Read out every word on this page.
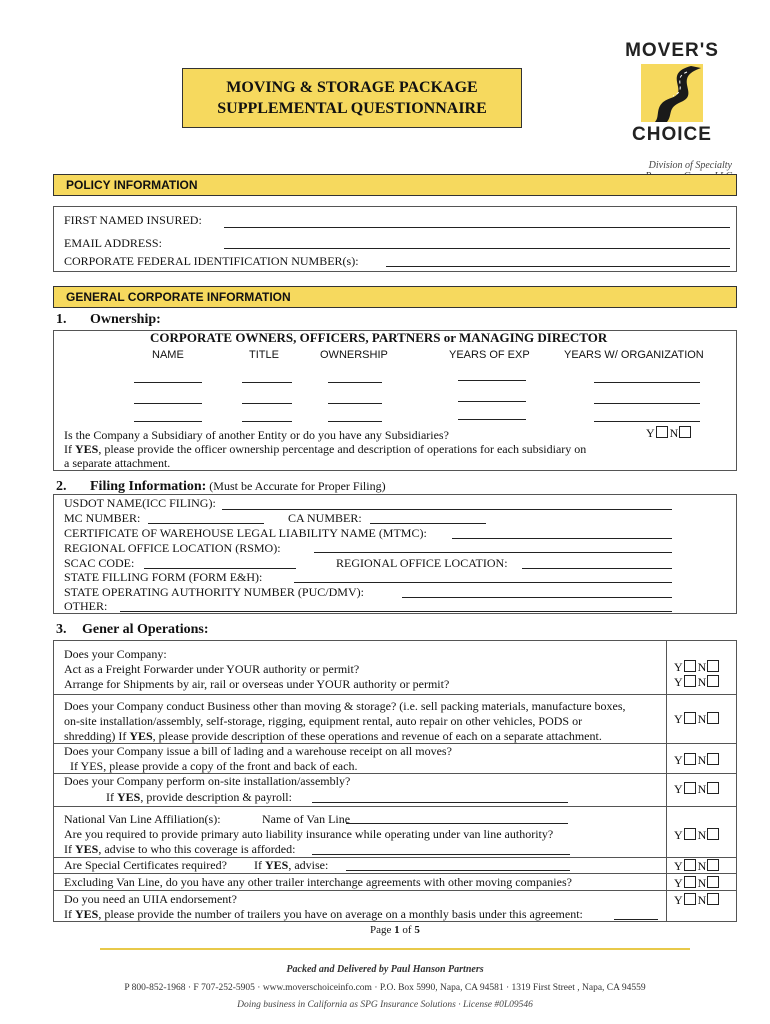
MOVING & STORAGE PACKAGE
SUPPLEMENTAL QUESTIONNAIRE
MOVER'S
CHOICE
Division of Specialty
POLICY INFORMATION
FIRST NAMED INSURED:
EMAIL ADDRESS:
CORPORATE FEDERAL IDENTIFICATION NUMBER(s):
GENERAL CORPORATE INFORMATION
1. Ownership:
CORPORATE OWNERS, OFFICERS, PARTNERS or MANAGING DIRECTOR
NAME	TITLE	OWNERSHIP	YEARS OF EXP	YEARS W/ ORGANIZATION
Is the Company a Subsidiary of another Entity or do you have any Subsidiaries?	Y N
If YES, please provide the officer ownership percentage and description of operations for each subsidiary on
a separate attachment.
2. Filing Information: (Must be Accurate for Proper Filing)
USDOT NAME(ICC FILING):
MC NUMBER:	CA NUMBER:
CERTIFICATE OF WAREHOUSE LEGAL LIABILITY NAME (MTMC):
REGIONAL OFFICE LOCATION (RSMO):
SCAC CODE:	REGIONAL OFFICE LOCATION:
STATE FILLING FORM (FORM E&H):
STATE OPERATING AUTHORITY NUMBER (PUC/DMV):
OTHER:
3. Gener al Operations:
Does your Company:
Act as a Freight Forwarder under YOUR authority or permit?	Y N
Arrange for Shipments by air, rail or overseas under YOUR authority or permit?	Y N
Does your Company conduct Business other than moving & storage? (i.e. sell packing materials, manufacture boxes,
on-site installation/assembly, self-storage, rigging, equipment rental, auto repair on other vehicles, PODS or
shredding) If YES, please provide description of these operations and revenue of each on a separate attachment.
Y N
Does your Company issue a bill of lading and a warehouse receipt on all moves?
If YES, please provide a copy of the front and back of each.	Y N
Does your Company perform on-site installation/assembly?
If YES, provide description & payroll:
Y N
National Van Line Affiliation(s):	Name of Van Line
Are you required to provide primary auto liability insurance while operating under van line authority?	Y N
If YES, advise to who this coverage is afforded:
Are Special Certificates required? If YES, advise:	Y N
Excluding Van Line, do you have any other trailer interchange agreements with other moving companies?	Y N
Do you need an UIIA endorsement?	Y N
If YES, please provide the number of trailers you have on average on a monthly basis under this agreement:
Page 1 of 5
Packed and Delivered by Paul Hanson Partners
P 800-852-1968 · F 707-252-5905 · www.moverschoiceinfo.com · P.O. Box 5990, Napa, CA 94581 · 1319 First Street , Napa, CA 94559
Doing business in California as SPG Insurance Solutions · License #0L09546
